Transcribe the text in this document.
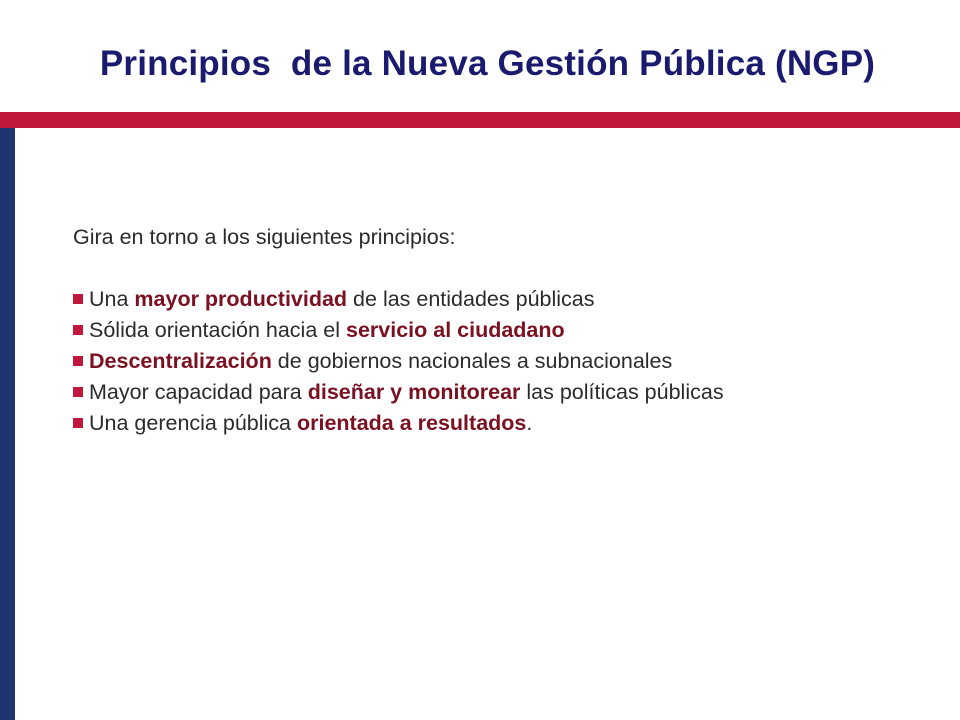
Principios  de la Nueva Gestión Pública (NGP)

Gira en torno a los siguientes principios:

Una mayor productividad de las entidades públicas
Sólida orientación hacia el servicio al ciudadano
Descentralización de gobiernos nacionales a subnacionales
Mayor capacidad para diseñar y monitorear las políticas públicas
Una gerencia pública orientada a resultados.
